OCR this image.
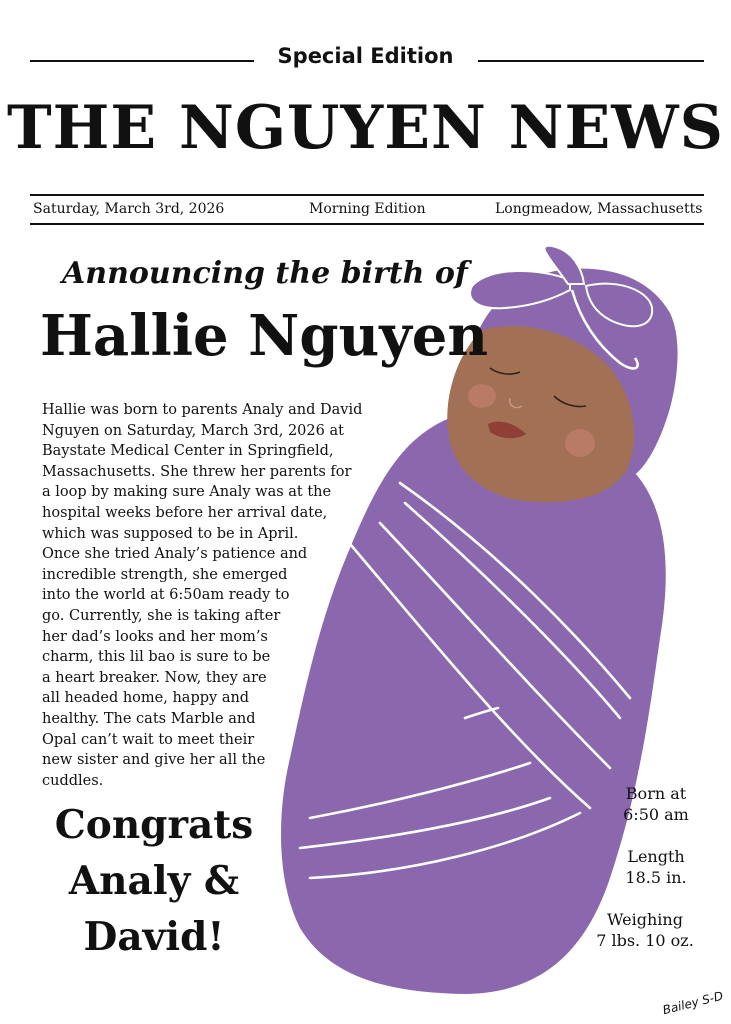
Special Edition
THE NGUYEN NEWS
Saturday, March 3rd, 2026	Morning Edition	Longmeadow, Massachusetts
Announcing the birth of
Hallie Nguyen
Hallie was born to parents Analy and David
Nguyen on Saturday, March 3rd, 2026 at
Baystate Medical Center in Springfield,
Massachusetts. She threw her parents for
a loop by making sure Analy was at the
hospital weeks before her arrival date,
which was supposed to be in April.
Once she tried Analy’s patience and
incredible strength, she emerged
into the world at 6:50am ready to
go. Currently, she is taking after
her dad’s looks and her mom’s
charm, this lil bao is sure to be
a heart breaker. Now, they are
all headed home, happy and
healthy. The cats Marble and
Opal can’t wait to meet their
new sister and give her all the
cuddles.
Congrats
Analy &
David!
Born at
6:50 am
Length
18.5 in.
Weighing
7 lbs. 10 oz.
Bailey S-D
